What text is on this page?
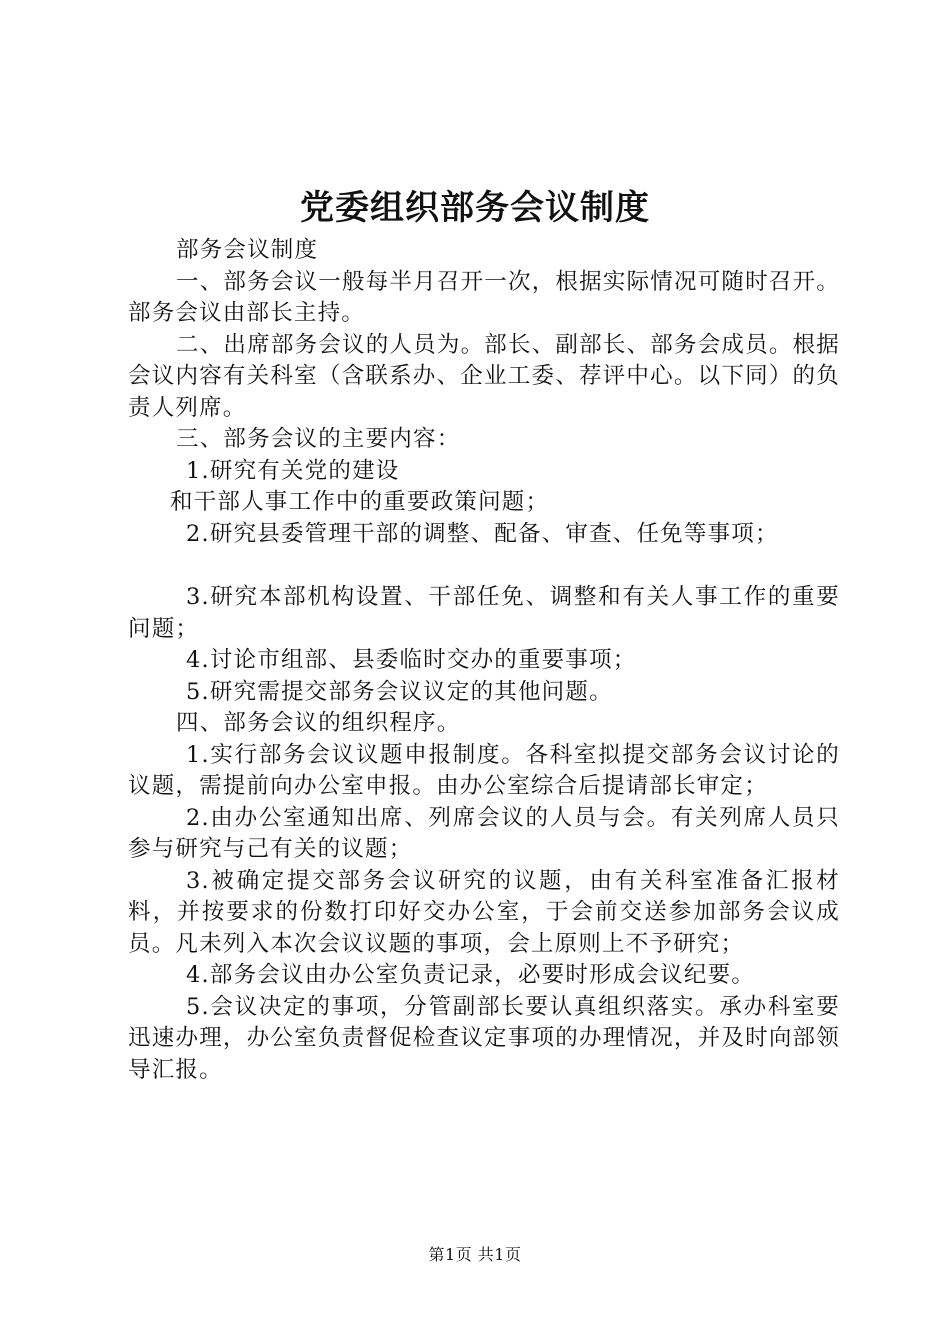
党委组织部务会议制度

部务会议制度

一、部务会议一般每半月召开一次，根据实际情况可随时召开。部务会议由部长主持。

二、出席部务会议的人员为。部长、副部长、部务会成员。根据会议内容有关科室（含联系办、企业工委、荐评中心。以下同）的负责人列席。

三、部务会议的主要内容：

1.研究有关党的建设

和干部人事工作中的重要政策问题；

2.研究县委管理干部的调整、配备、审查、任免等事项；

3.研究本部机构设置、干部任免、调整和有关人事工作的重要问题；

4.讨论市组部、县委临时交办的重要事项；

5.研究需提交部务会议议定的其他问题。

四、部务会议的组织程序。

1.实行部务会议议题申报制度。各科室拟提交部务会议讨论的议题，需提前向办公室申报。由办公室综合后提请部长审定；

2.由办公室通知出席、列席会议的人员与会。有关列席人员只参与研究与己有关的议题；

3.被确定提交部务会议研究的议题，由有关科室准备汇报材料，并按要求的份数打印好交办公室，于会前交送参加部务会议成员。凡未列入本次会议议题的事项，会上原则上不予研究；

4.部务会议由办公室负责记录，必要时形成会议纪要。

5.会议决定的事项，分管副部长要认真组织落实。承办科室要迅速办理，办公室负责督促检查议定事项的办理情况，并及时向部领导汇报。

第1页 共1页
